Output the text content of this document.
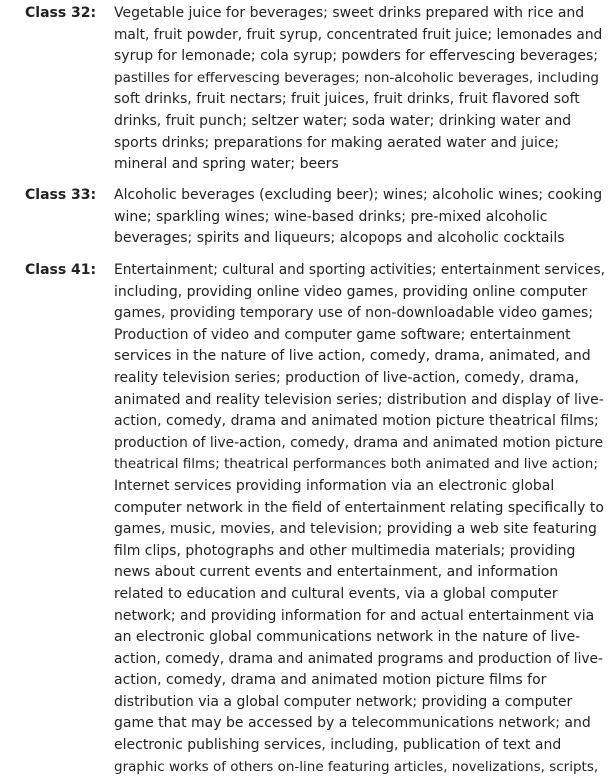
Class 32: Vegetable juice for beverages; sweet drinks prepared with rice and
malt, fruit powder, fruit syrup, concentrated fruit juice; lemonades and
syrup for lemonade; cola syrup; powders for effervescing beverages;
pastilles for effervescing beverages; non-alcoholic beverages, including
soft drinks, fruit nectars; fruit juices, fruit drinks, fruit flavored soft
drinks, fruit punch; seltzer water; soda water; drinking water and
sports drinks; preparations for making aerated water and juice;
mineral and spring water; beers
Class 33: Alcoholic beverages (excluding beer); wines; alcoholic wines; cooking
wine; sparkling wines; wine-based drinks; pre-mixed alcoholic
beverages; spirits and liqueurs; alcopops and alcoholic cocktails
Class 41: Entertainment; cultural and sporting activities; entertainment services,
including, providing online video games, providing online computer
games, providing temporary use of non-downloadable video games;
Production of video and computer game software; entertainment
services in the nature of live action, comedy, drama, animated, and
reality television series; production of live-action, comedy, drama,
animated and reality television series; distribution and display of live-
action, comedy, drama and animated motion picture theatrical films;
production of live-action, comedy, drama and animated motion picture
theatrical films; theatrical performances both animated and live action;
Internet services providing information via an electronic global
computer network in the field of entertainment relating specifically to
games, music, movies, and television; providing a web site featuring
film clips, photographs and other multimedia materials; providing
news about current events and entertainment, and information
related to education and cultural events, via a global computer
network; and providing information for and actual entertainment via
an electronic global communications network in the nature of live-
action, comedy, drama and animated programs and production of live-
action, comedy, drama and animated motion picture films for
distribution via a global computer network; providing a computer
game that may be accessed by a telecommunications network; and
electronic publishing services, including, publication of text and
graphic works of others on-line featuring articles, novelizations, scripts,
